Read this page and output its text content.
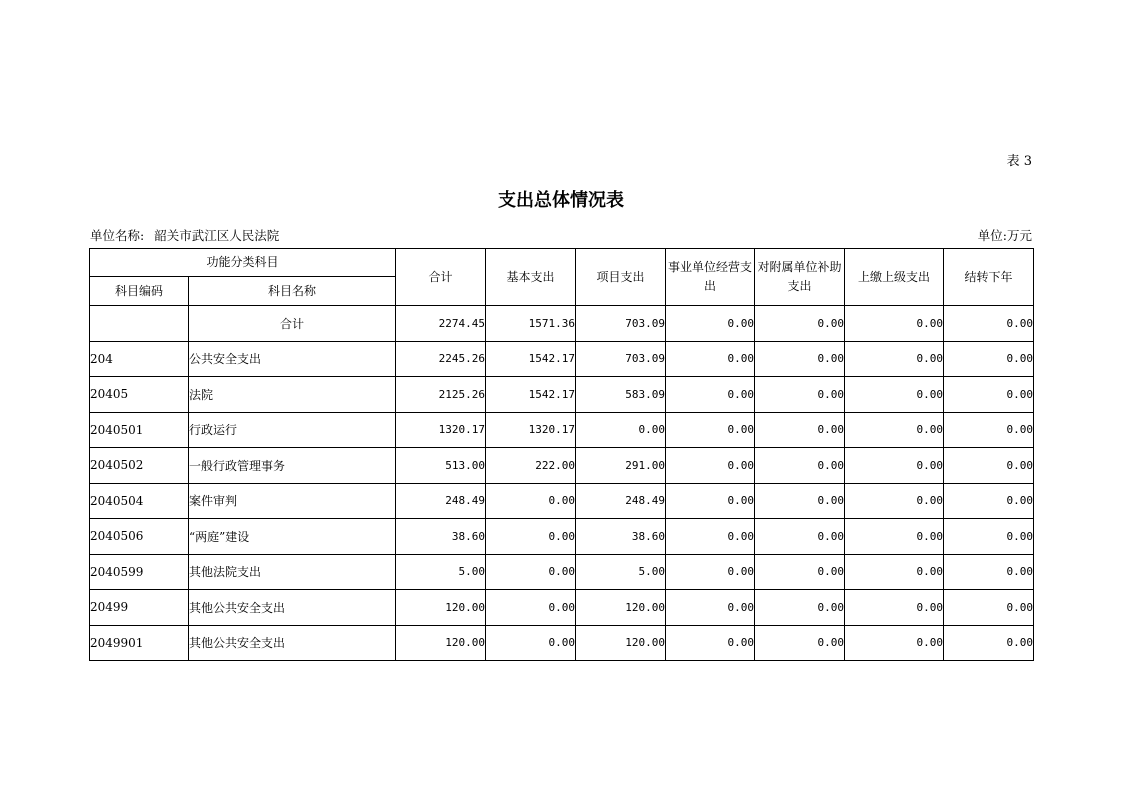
表 3
支出总体情况表
单位名称: 韶关市武江区人民法院	单位:万元
功能分类科目		合计	基本支出	项目支出	事业单位经营支出	对附属单位补助支出	上缴上级支出	结转下年
科目编码	科目名称							
	合计	2274.45	1571.36	703.09	0.00	0.00	0.00	0.00
204	公共安全支出	2245.26	1542.17	703.09	0.00	0.00	0.00	0.00
20405	法院	2125.26	1542.17	583.09	0.00	0.00	0.00	0.00
2040501	行政运行	1320.17	1320.17	0.00	0.00	0.00	0.00	0.00
2040502	一般行政管理事务	513.00	222.00	291.00	0.00	0.00	0.00	0.00
2040504	案件审判	248.49	0.00	248.49	0.00	0.00	0.00	0.00
2040506	“两庭”建设	38.60	0.00	38.60	0.00	0.00	0.00	0.00
2040599	其他法院支出	5.00	0.00	5.00	0.00	0.00	0.00	0.00
20499	其他公共安全支出	120.00	0.00	120.00	0.00	0.00	0.00	0.00
2049901	其他公共安全支出	120.00	0.00	120.00	0.00	0.00	0.00	0.00
